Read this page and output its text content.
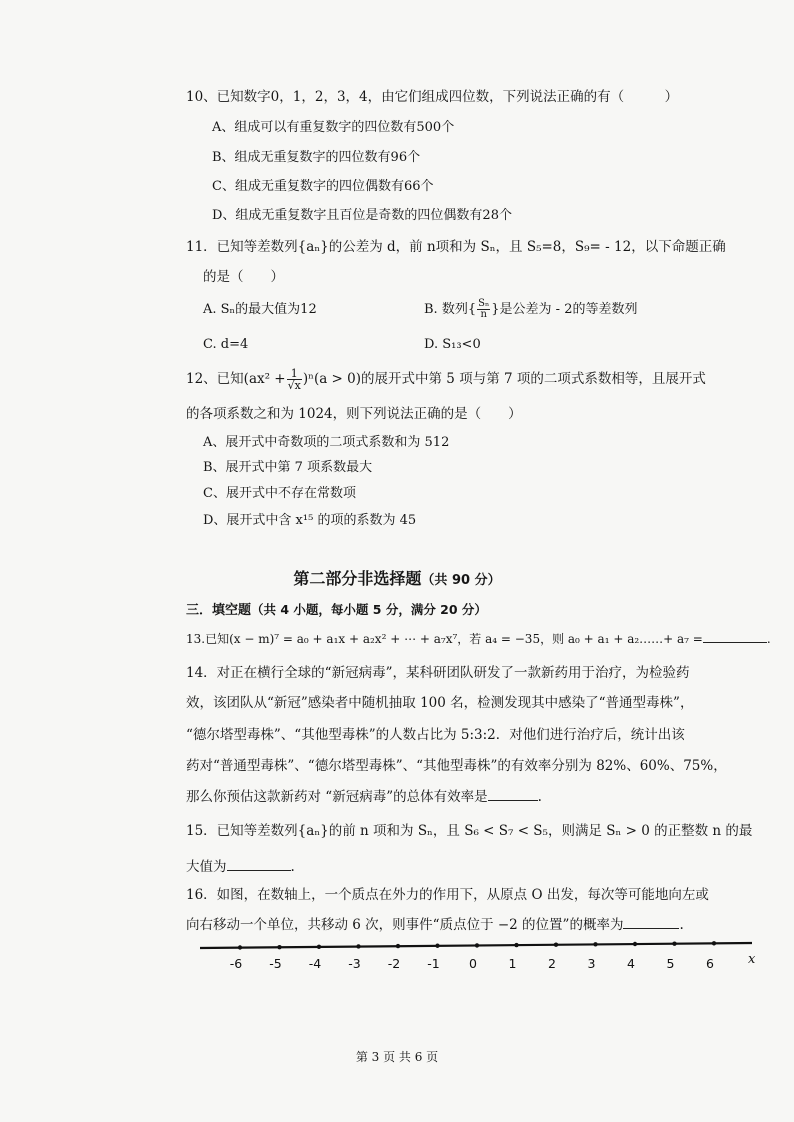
10、已知数字0，1，2，3，4，由它们组成四位数，下列说法正确的有（　　　）
A、组成可以有重复数字的四位数有500个
B、组成无重复数字的四位数有96个
C、组成无重复数字的四位偶数有66个
D、组成无重复数字且百位是奇数的四位偶数有28个
11．已知等差数列{aₙ}的公差为 d，前 n项和为 Sₙ，且 S₅=8，S₉= - 12，以下命题正确
的是（　　）
A. Sₙ的最大值为12	B. 数列{ $\frac{\text{Sₙ}}{n}$ }是公差为 - 2的等差数列
C. d=4	D. S₁₃<0
12、已知$(ax^2 + \frac{1}{√x} )^n(a > 0)$的展开式中第 5 项与第 7 项的二项式系数相等，且展开式
的各项系数之和为 1024，则下列说法正确的是（　　）
A、展开式中奇数项的二项式系数和为 512
B、展开式中第 7 项系数最大
C、展开式中不存在常数项
D、展开式中含 x¹⁵ 的项的系数为 45
第二部分非选择题（共 90 分）
三．填空题（共 4 小题，每小题 5 分，满分 20 分）
13.已知(x − m)⁷ = a₀ + a₁x + a₂x² + ⋯ + a₇x⁷，若 a₄ = −35，则 a₀ + a₁ + a₂……+ a₇ =	.
14．对正在横行全球的“新冠病毒”，某科研团队研发了一款新药用于治疗，为检验药
效，该团队从“新冠”感染者中随机抽取 100 名，检测发现其中感染了“普通型毒株”，
“德尔塔型毒株”、“其他型毒株”的人数占比为 5:3:2．对他们进行治疗后，统计出该
药对“普通型毒株”、“德尔塔型毒株”、“其他型毒株”的有效率分别为 82%、60%、75%，
那么你预估这款新药对 “新冠病毒”的总体有效率是	.
15．已知等差数列{aₙ}的前 n 项和为 Sₙ，且 S₆ < S₇ < S₅，则满足 Sₙ > 0 的正整数 n 的最
大值为	.
16．如图，在数轴上，一个质点在外力的作用下，从原点 O 出发，每次等可能地向左或
向右移动一个单位，共移动 6 次，则事件“质点位于 −2 的位置”的概率为	.
-6 -5 -4 -3 -2 -1 0	1	2	3	4	5	6	x
第 3 页 共 6 页
